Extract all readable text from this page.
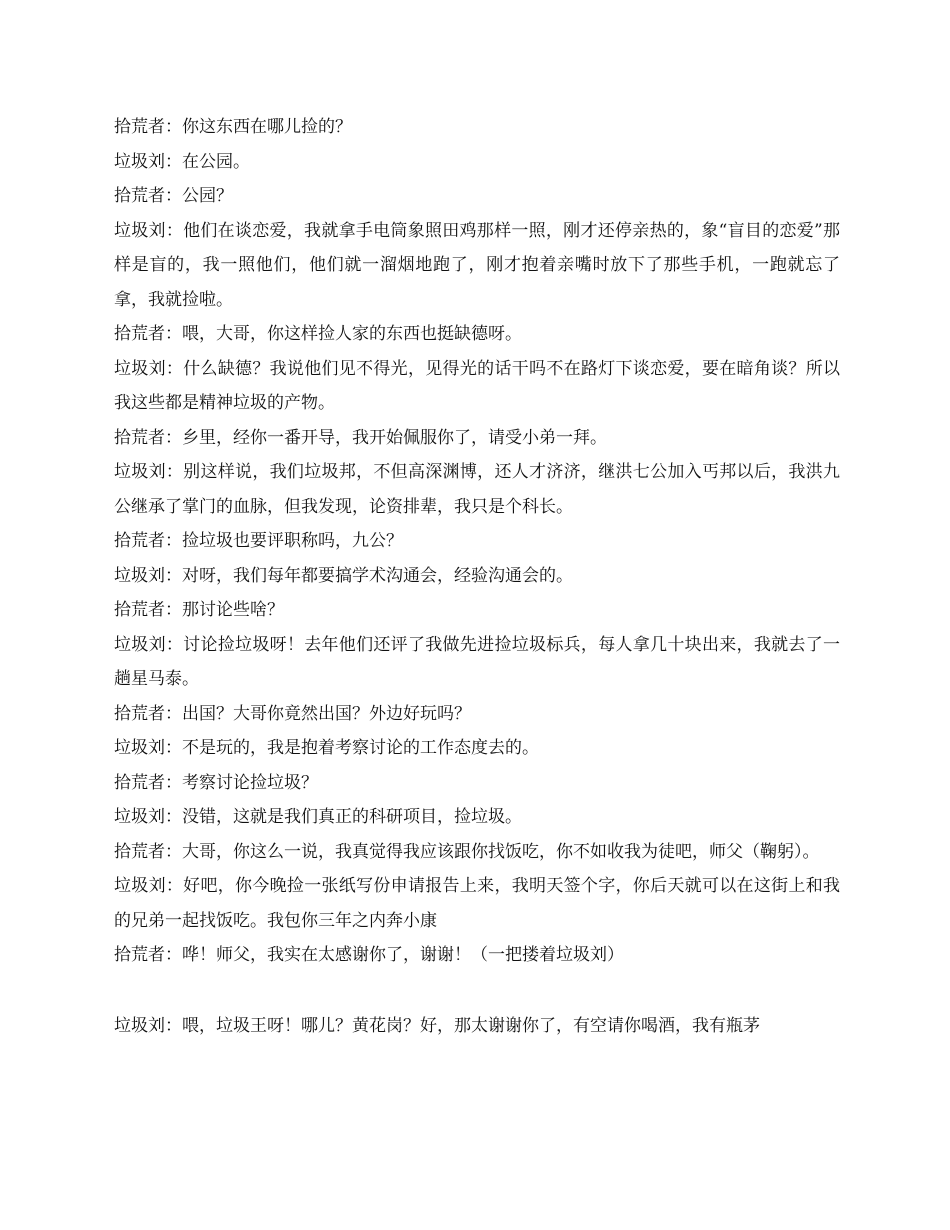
拾荒者：你这东西在哪儿捡的？

垃圾刘：在公园。

拾荒者：公园？

垃圾刘：他们在谈恋爱，我就拿手电筒象照田鸡那样一照，刚才还停亲热的，象“盲目的恋爱”那样是盲的，我一照他们，他们就一溜烟地跑了，刚才抱着亲嘴时放下了那些手机，一跑就忘了拿，我就捡啦。

拾荒者：喂，大哥，你这样捡人家的东西也挺缺德呀。

垃圾刘：什么缺德？我说他们见不得光，见得光的话干吗不在路灯下谈恋爱，要在暗角谈？所以我这些都是精神垃圾的产物。

拾荒者：乡里，经你一番开导，我开始佩服你了，请受小弟一拜。

垃圾刘：别这样说，我们垃圾邦，不但高深渊博，还人才济济，继洪七公加入丐邦以后，我洪九公继承了掌门的血脉，但我发现，论资排辈，我只是个科长。

拾荒者：捡垃圾也要评职称吗，九公？

垃圾刘：对呀，我们每年都要搞学术沟通会，经验沟通会的。

拾荒者：那讨论些啥？

垃圾刘：讨论捡垃圾呀！去年他们还评了我做先进捡垃圾标兵，每人拿几十块出来，我就去了一趟星马泰。

拾荒者：出国？大哥你竟然出国？外边好玩吗？

垃圾刘：不是玩的，我是抱着考察讨论的工作态度去的。

拾荒者：考察讨论捡垃圾？

垃圾刘：没错，这就是我们真正的科研项目，捡垃圾。

拾荒者：大哥，你这么一说，我真觉得我应该跟你找饭吃，你不如收我为徒吧，师父（鞠躬）。

垃圾刘：好吧，你今晚捡一张纸写份申请报告上来，我明天签个字，你后天就可以在这街上和我的兄弟一起找饭吃。我包你三年之内奔小康

拾荒者：哗！师父，我实在太感谢你了，谢谢！（一把搂着垃圾刘）

垃圾刘：喂，垃圾王呀！哪儿？黄花岗？好，那太谢谢你了，有空请你喝酒，我有瓶茅
